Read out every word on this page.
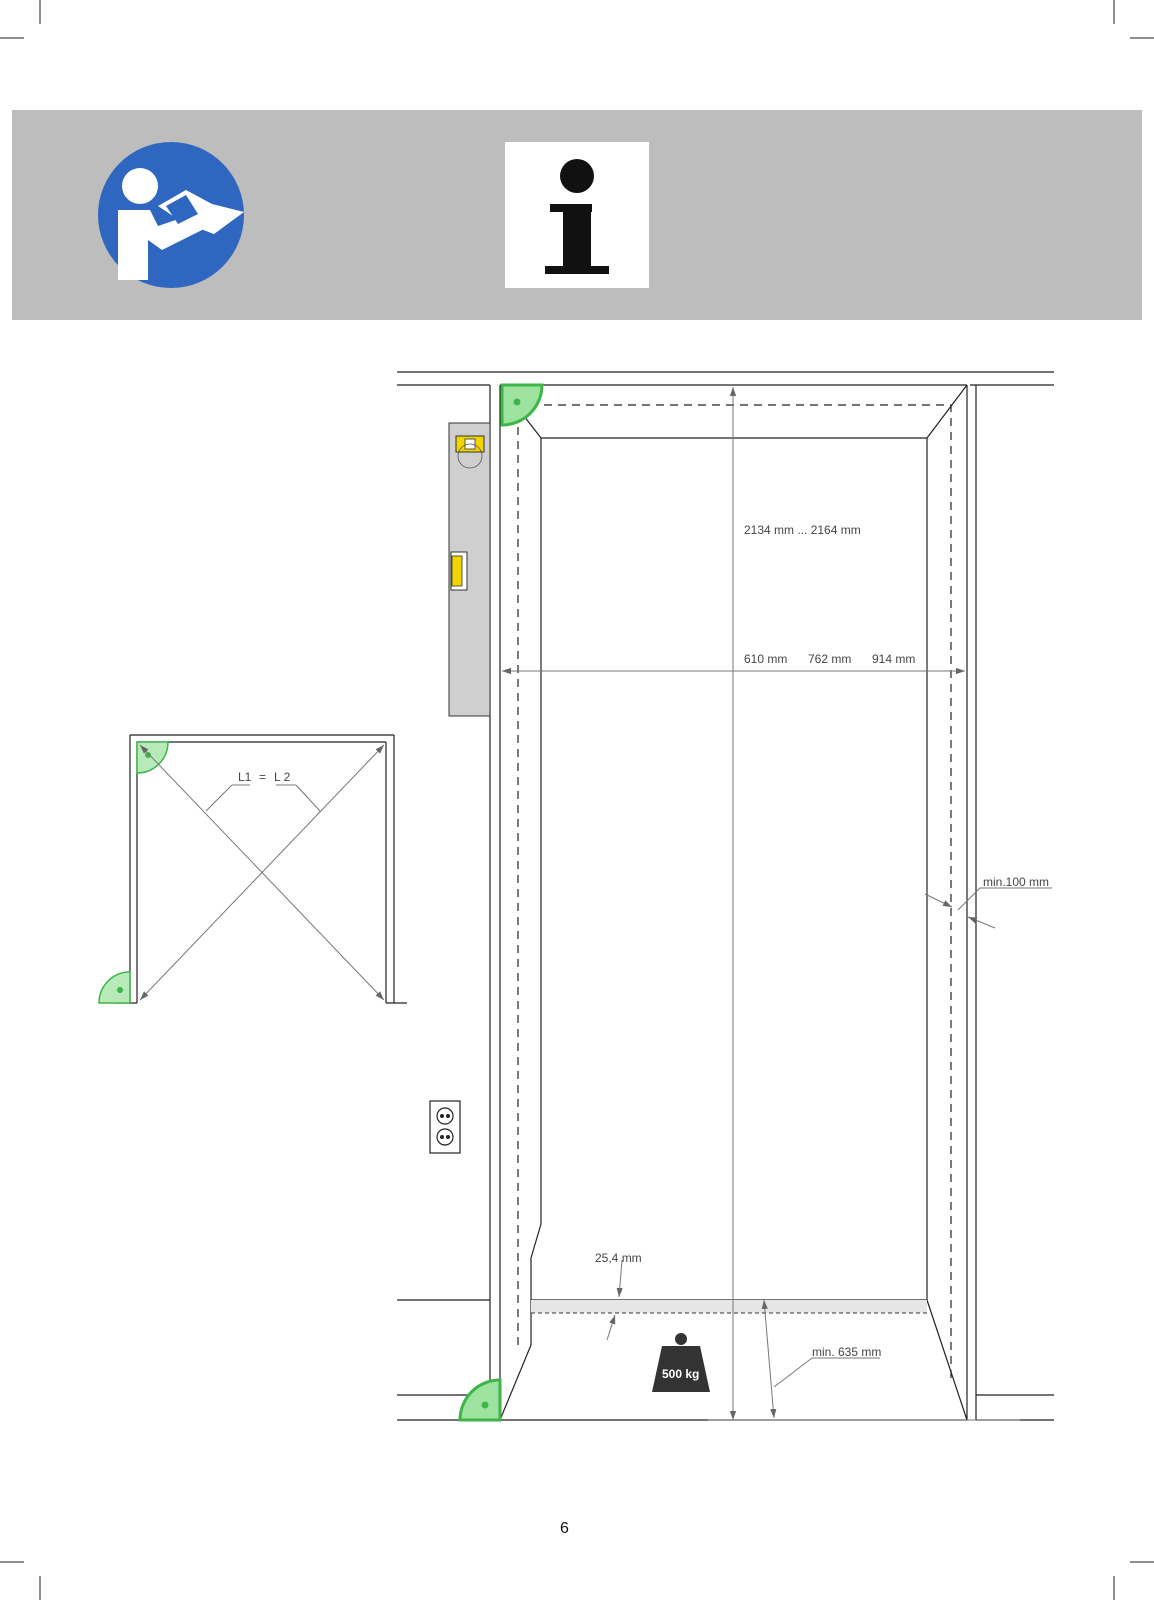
2134 mm ... 2164 mm
610 mm 762 mm 914 mm
min.100 mm
25,4 mm
min. 635 mm
500 kg
L1 = L 2
6
